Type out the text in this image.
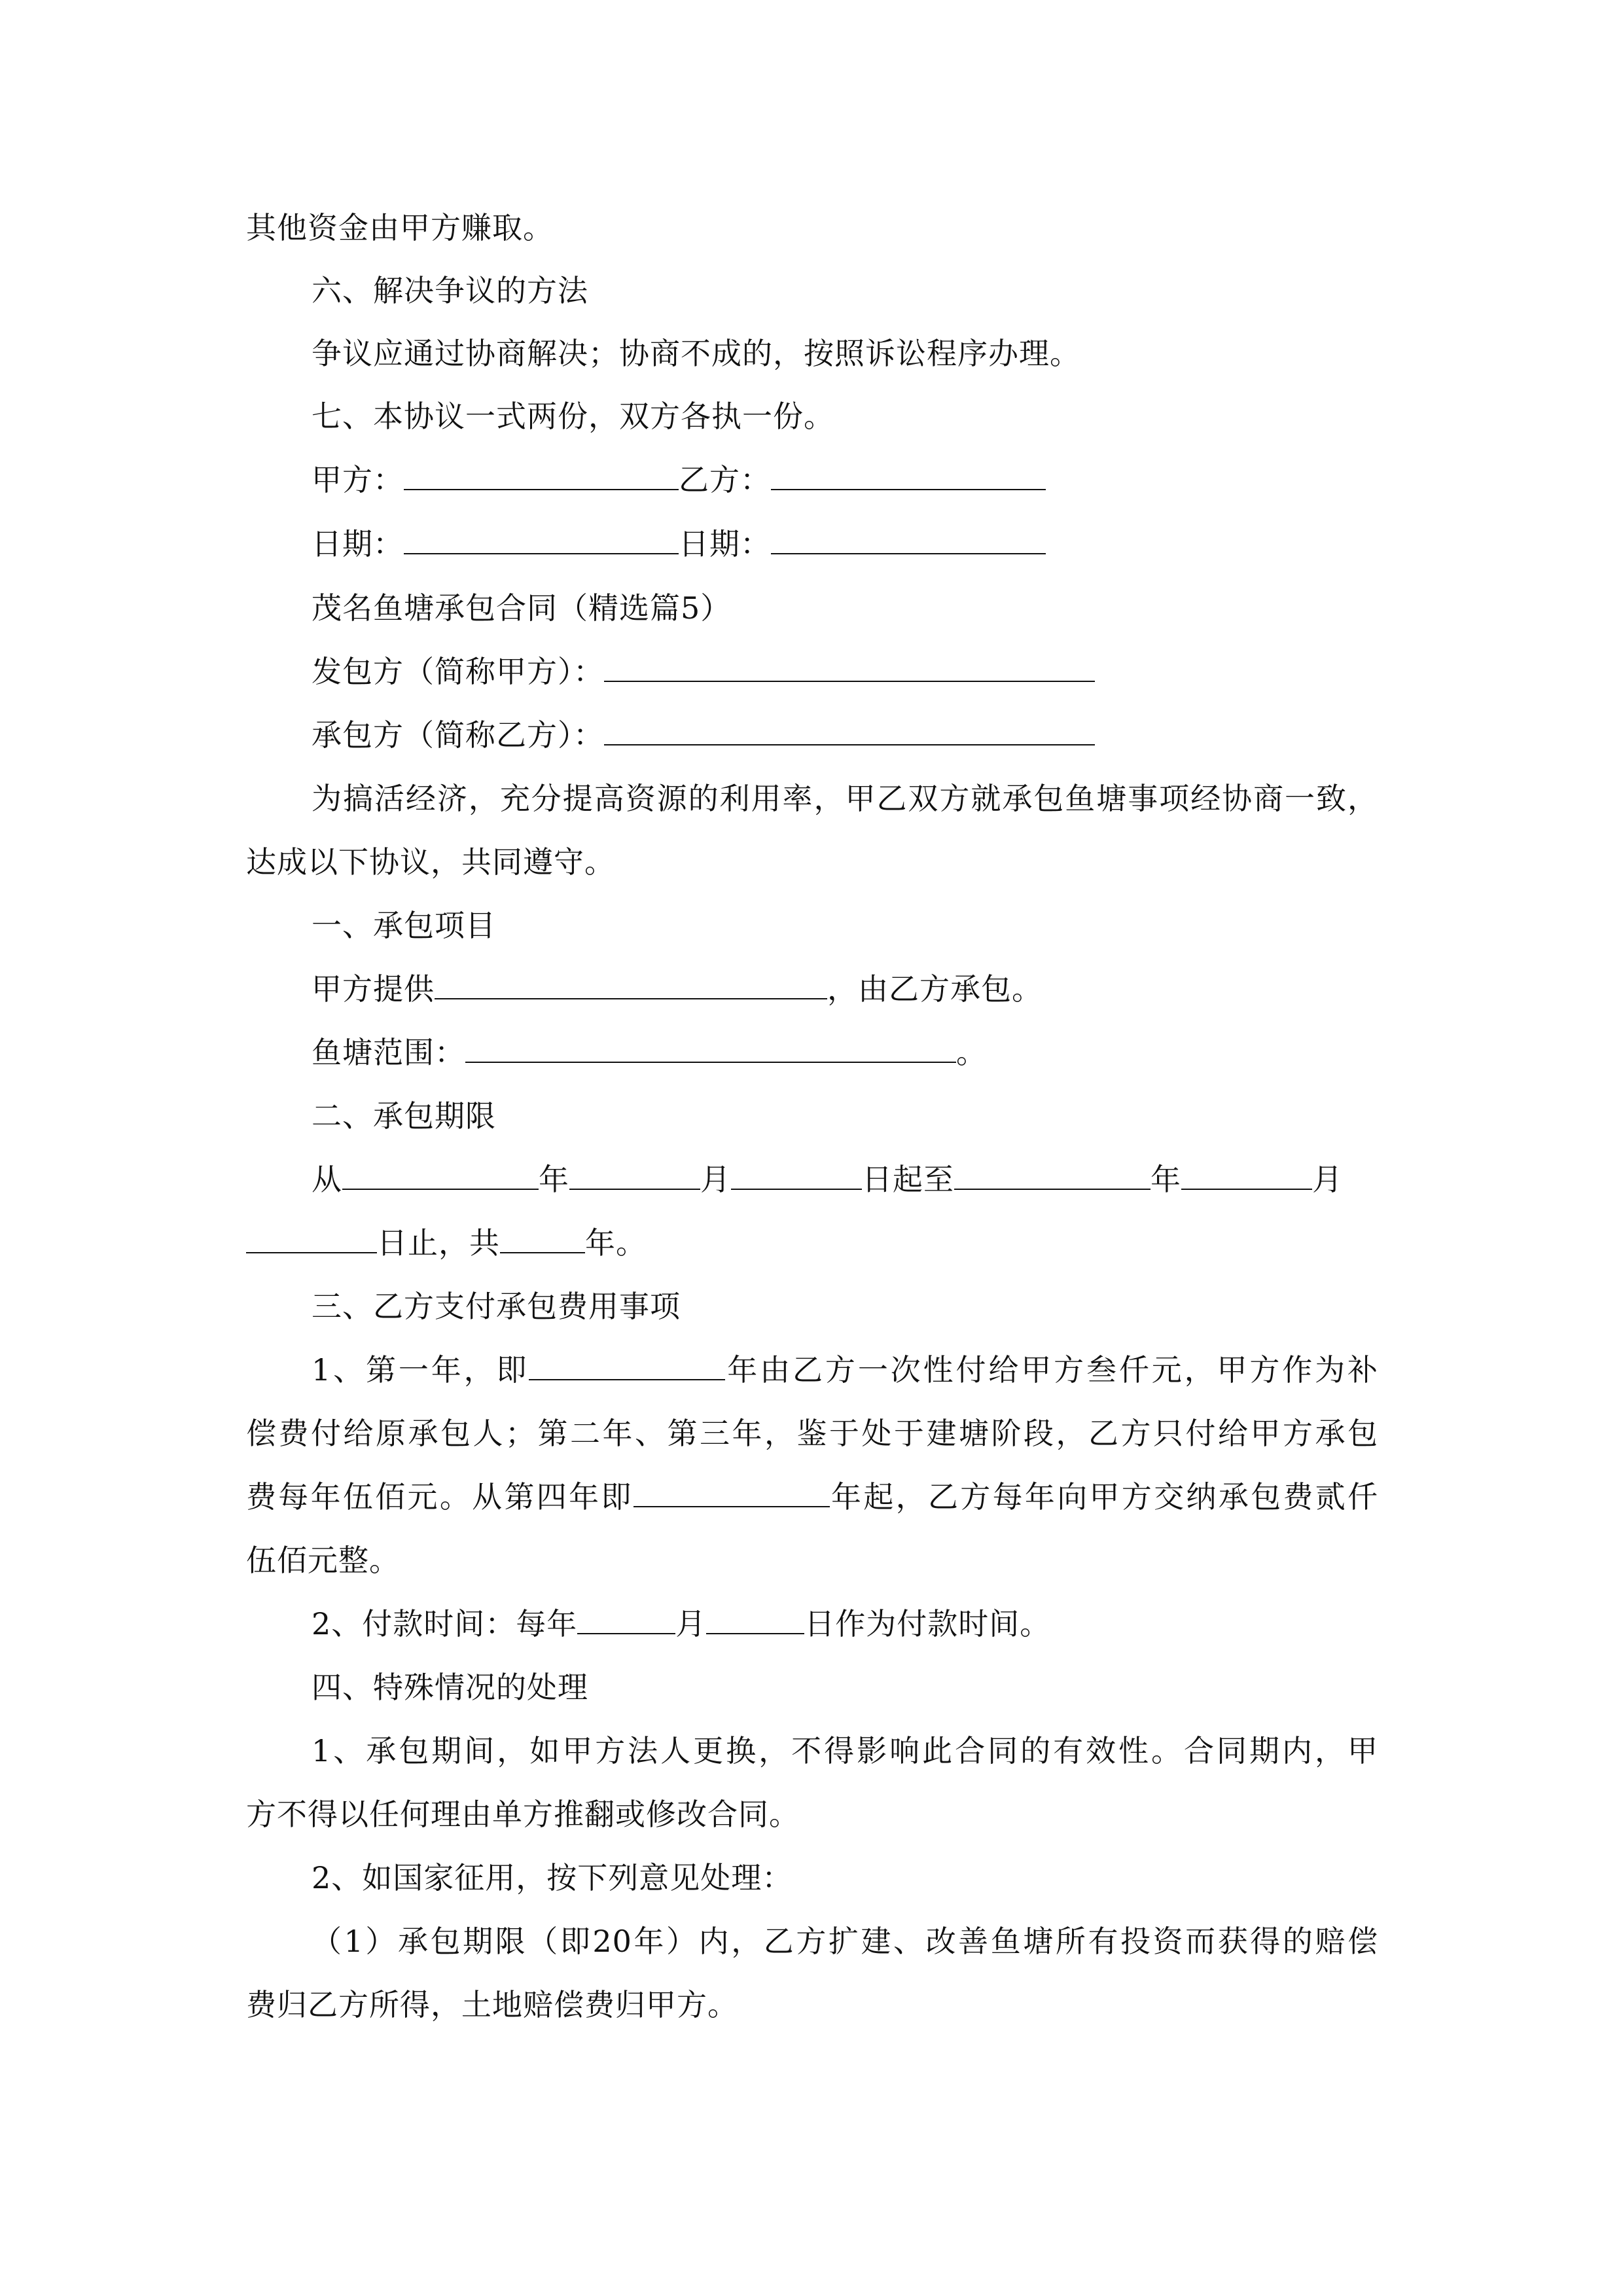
其他资金由甲方赚取。
六、解决争议的方法
争议应通过协商解决；协商不成的，按照诉讼程序办理。
七、本协议一式两份，双方各执一份。
甲方：	乙方：
日期：	日期：
茂名鱼塘承包合同（精选篇5）
发包方（简称甲方）：
承包方（简称乙方）：
为搞活经济，充分提高资源的利用率，甲乙双方就承包鱼塘事项经协商一致，
达成以下协议，共同遵守。
一、承包项目
甲方提供	，由乙方承包。
鱼塘范围：	。
二、承包期限
从	年	月	日起至	年	月
日止，共	年。
三、乙方支付承包费用事项
1、第一年，即	年由乙方一次性付给甲方叁仟元，甲方作为补
偿费付给原承包人；第二年、第三年，鉴于处于建塘阶段，乙方只付给甲方承包
费每年伍佰元。从第四年即	年起，乙方每年向甲方交纳承包费贰仟
伍佰元整。
2、付款时间：每年	月	日作为付款时间。
四、特殊情况的处理
1、承包期间，如甲方法人更换，不得影响此合同的有效性。合同期内，甲
方不得以任何理由单方推翻或修改合同。
2、如国家征用，按下列意见处理：
（1）承包期限（即20年）内，乙方扩建、改善鱼塘所有投资而获得的赔偿
费归乙方所得，土地赔偿费归甲方。
